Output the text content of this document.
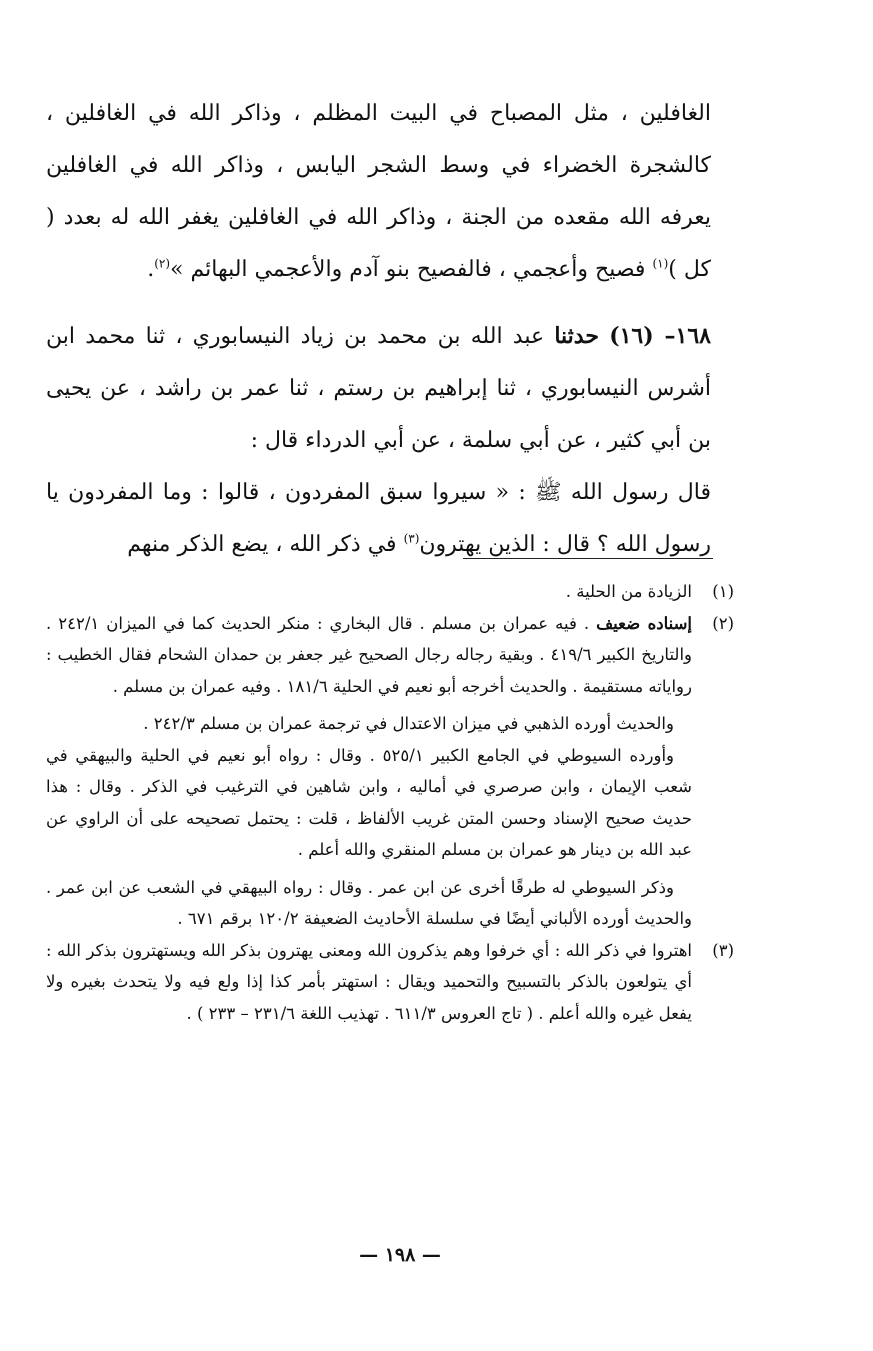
الغافلين ، مثل المصباح في البيت المظلم ، وذاكر الله في الغافلين ، كالشجرة الخضراء في وسط الشجر اليابس ، وذاكر الله في الغافلين يعرفه الله مقعده من الجنة ، وذاكر الله في الغافلين يغفر الله له بعدد ( كل )$^{(١)}$ فصيح وأعجمي ، فالفصيح بنو آدم والأعجمي البهائم »$^{(٢)}$.

١٦٨– (١٦) حدثنا عبد الله بن محمد بن زياد النيسابوري ، ثنا محمد ابن أشرس النيسابوري ، ثنا إبراهيم بن رستم ، ثنا عمر بن راشد ، عن يحيى بن أبي كثير ، عن أبي سلمة ، عن أبي الدرداء قال :

قال رسول الله ﷺ : « سيروا سبق المفردون ، قالوا : وما المفردون يا رسول الله ؟ قال : الذين يهترون$^{(٣)}$ في ذكر الله ، يضع الذكر منهم

(١)

الزيادة من الحلية .

(٢)

إسناده ضعيف . فيه عمران بن مسلم . قال البخاري : منكر الحديث كما في الميزان ٢٤٢/١ . والتاريخ الكبير ٤١٩/٦ . وبقية رجاله رجال الصحيح غير جعفر بن حمدان الشحام فقال الخطيب : رواياته مستقيمة . والحديث أخرجه أبو نعيم في الحلية ١٨١/٦ . وفيه عمران بن مسلم .

والحديث أورده الذهبي في ميزان الاعتدال في ترجمة عمران بن مسلم ٢٤٢/٣ .

وأورده السيوطي في الجامع الكبير ٥٢٥/١ . وقال : رواه أبو نعيم في الحلية والبيهقي في شعب الإيمان ، وابن صرصري في أماليه ، وابن شاهين في الترغيب في الذكر . وقال : هذا حديث صحيح الإسناد وحسن المتن غريب الألفاظ ، قلت : يحتمل تصحيحه على أن الراوي عن عبد الله بن دينار هو عمران بن مسلم المنقري والله أعلم .

وذكر السيوطي له طرقًا أخرى عن ابن عمر . وقال : رواه البيهقي في الشعب عن ابن عمر . والحديث أورده الألباني أيضًا في سلسلة الأحاديث الضعيفة ١٢٠/٢ برقم ٦٧١ .

(٣)

اهتروا في ذكر الله : أي خرفوا وهم يذكرون الله ومعنى يهترون بذكر الله ويستهترون بذكر الله : أي يتولعون بالذكر بالتسبيح والتحميد ويقال : استهتر بأمر كذا إذا ولع فيه ولا يتحدث بغيره ولا يفعل غيره والله أعلم . ( تاج العروس ٦١١/٣ . تهذيب اللغة ٢٣١/٦ – ٢٣٣ ) .

— ١٩٨ —
